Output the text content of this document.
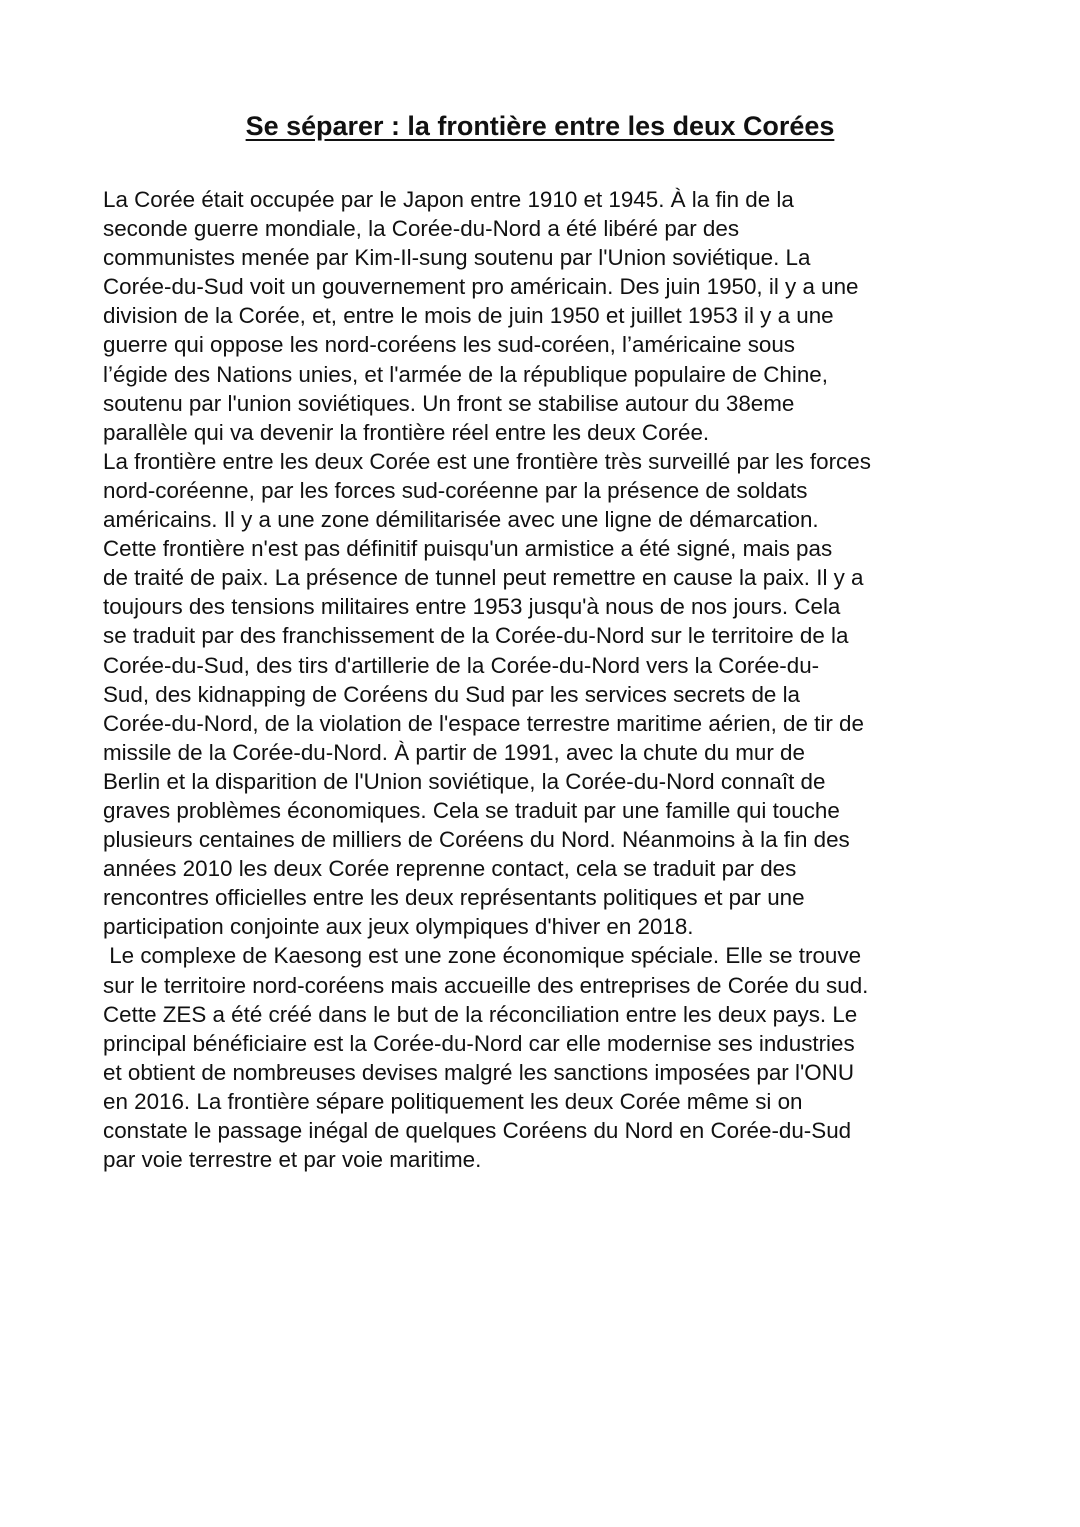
Se séparer : la frontière entre les deux Corées
La Corée était occupée par le Japon entre 1910 et 1945. À la fin de la
seconde guerre mondiale, la Corée-du-Nord a été libéré par des
communistes menée par Kim-Il-sung soutenu par l'Union soviétique. La
Corée-du-Sud voit un gouvernement pro américain. Des juin 1950, il y a une
division de la Corée, et, entre le mois de juin 1950 et juillet 1953 il y a une
guerre qui oppose les nord-coréens les sud-coréen, l’américaine sous
l’égide des Nations unies, et l'armée de la république populaire de Chine,
soutenu par l'union soviétiques. Un front se stabilise autour du 38eme
parallèle qui va devenir la frontière réel entre les deux Corée.
La frontière entre les deux Corée est une frontière très surveillé par les forces
nord-coréenne, par les forces sud-coréenne par la présence de soldats
américains. Il y a une zone démilitarisée avec une ligne de démarcation.
Cette frontière n'est pas définitif puisqu'un armistice a été signé, mais pas
de traité de paix. La présence de tunnel peut remettre en cause la paix. Il y a
toujours des tensions militaires entre 1953 jusqu'à nous de nos jours. Cela
se traduit par des franchissement de la Corée-du-Nord sur le territoire de la
Corée-du-Sud, des tirs d'artillerie de la Corée-du-Nord vers la Corée-du-
Sud, des kidnapping de Coréens du Sud par les services secrets de la
Corée-du-Nord, de la violation de l'espace terrestre maritime aérien, de tir de
missile de la Corée-du-Nord. À partir de 1991, avec la chute du mur de
Berlin et la disparition de l'Union soviétique, la Corée-du-Nord connaît de
graves problèmes économiques. Cela se traduit par une famille qui touche
plusieurs centaines de milliers de Coréens du Nord. Néanmoins à la fin des
années 2010 les deux Corée reprenne contact, cela se traduit par des
rencontres officielles entre les deux représentants politiques et par une
participation conjointe aux jeux olympiques d'hiver en 2018.
Le complexe de Kaesong est une zone économique spéciale. Elle se trouve
sur le territoire nord-coréens mais accueille des entreprises de Corée du sud.
Cette ZES a été créé dans le but de la réconciliation entre les deux pays. Le
principal bénéficiaire est la Corée-du-Nord car elle modernise ses industries
et obtient de nombreuses devises malgré les sanctions imposées par l'ONU
en 2016. La frontière sépare politiquement les deux Corée même si on
constate le passage inégal de quelques Coréens du Nord en Corée-du-Sud
par voie terrestre et par voie maritime.
